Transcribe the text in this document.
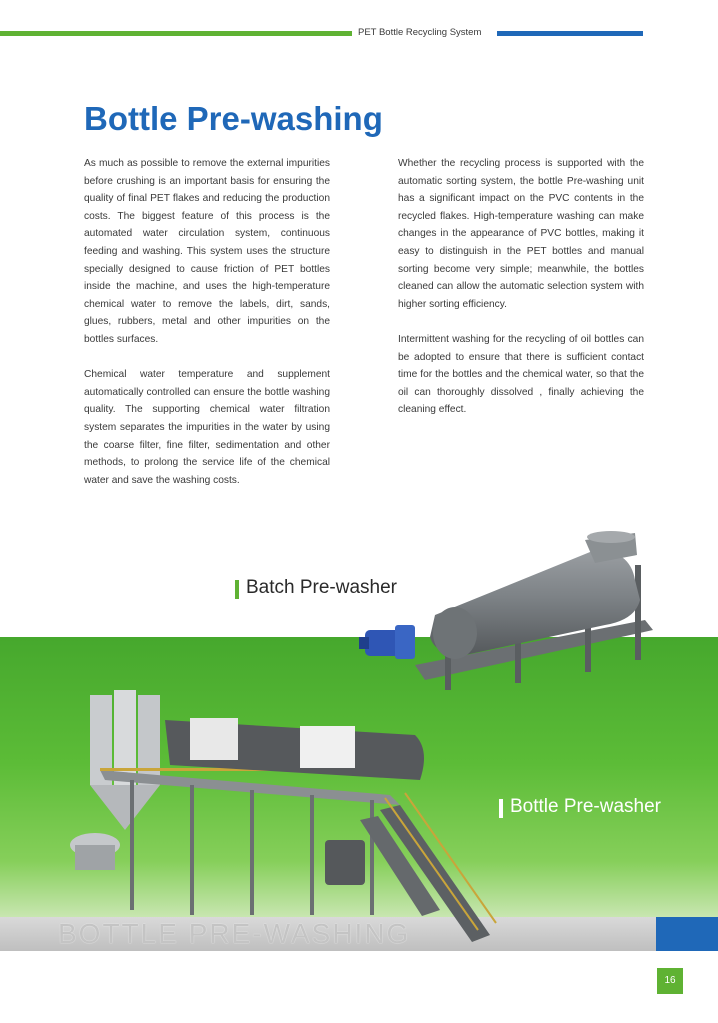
PET Bottle Recycling System
Bottle Pre-washing

As much as possible to remove the external impurities before crushing is an important basis for ensuring the quality of final PET flakes and reducing the production costs. The biggest feature of this process is the automated water circulation system, continuous feeding and washing. This system uses the structure specially designed to cause friction of PET bottles inside the machine, and uses the high-temperature chemical water to remove the labels, dirt, sands, glues, rubbers, metal and other impurities on the bottles surfaces.

Chemical water temperature and supplement automatically controlled can ensure the bottle washing quality. The supporting chemical water filtration system separates the impurities in the water by using the coarse filter, fine filter, sedimentation and other methods, to prolong the service life of the chemical water and save the washing costs.

Whether the recycling process is supported with the automatic sorting system, the bottle Pre-washing unit has a significant impact on the PVC contents in the recycled flakes. High-temperature washing can make changes in the appearance of PVC bottles, making it easy to distinguish in the PET bottles and manual sorting become very simple; meanwhile, the bottles cleaned can allow the automatic selection system with higher sorting efficiency.

Intermittent washing for the recycling of oil bottles can be adopted to ensure that there is sufficient contact time for the bottles and the chemical water, so that the oil can thoroughly dissolved , finally achieving the cleaning effect.

BOTTLE PRE-WASHING
Batch Pre-washer
Bottle Pre-washer
16
